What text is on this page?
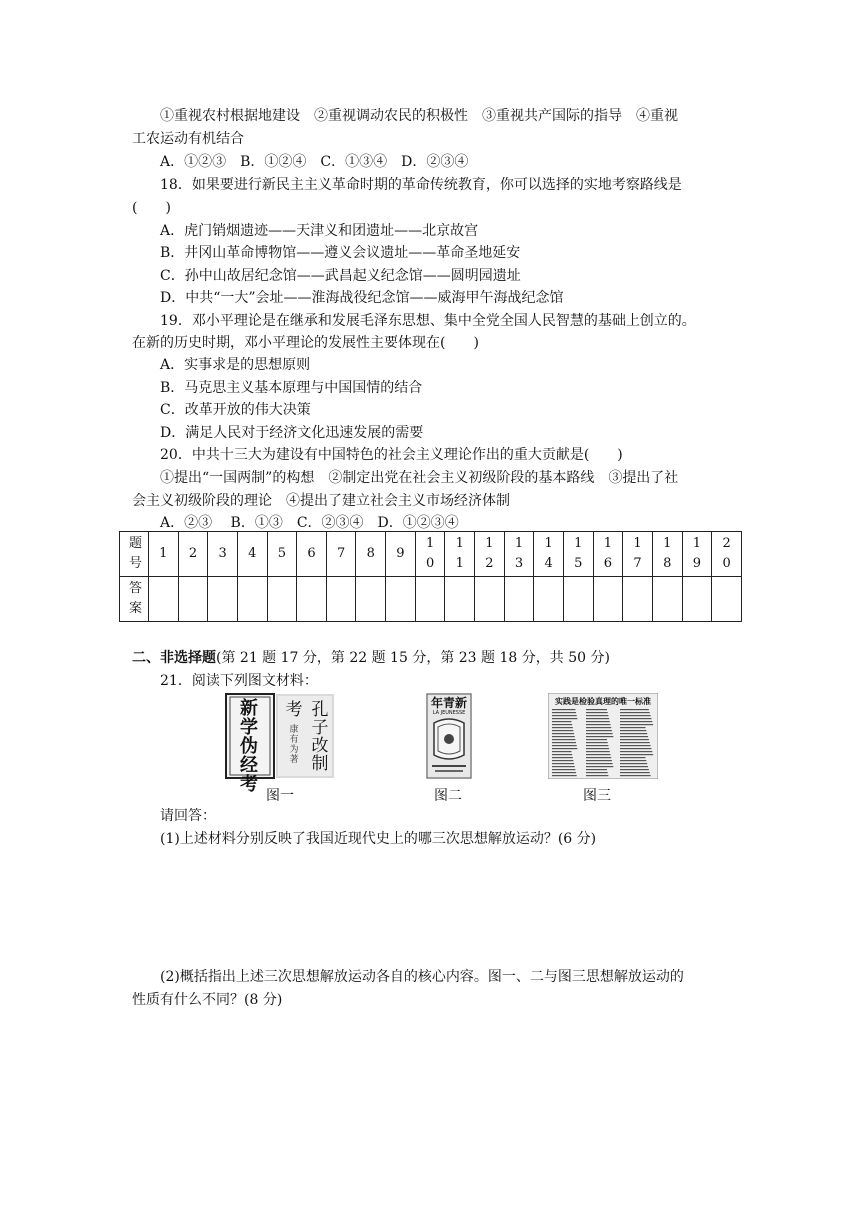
①重视农村根据地建设　②重视调动农民的积极性　③重视共产国际的指导　④重视
工农运动有机结合
A．①②③　B．①②④　C．①③④　D．②③④
18．如果要进行新民主主义革命时期的革命传统教育，你可以选择的实地考察路线是
(　　)
A．虎门销烟遗迹——天津义和团遗址——北京故宫
B．井冈山革命博物馆——遵义会议遗址——革命圣地延安
C．孙中山故居纪念馆——武昌起义纪念馆——圆明园遗址
D．中共“一大”会址——淮海战役纪念馆——威海甲午海战纪念馆
19．邓小平理论是在继承和发展毛泽东思想、集中全党全国人民智慧的基础上创立的。
在新的历史时期，邓小平理论的发展性主要体现在(　　)
A．实事求是的思想原则
B．马克思主义基本原理与中国国情的结合
C．改革开放的伟大决策
D．满足人民对于经济文化迅速发展的需要
20．中共十三大为建设有中国特色的社会主义理论作出的重大贡献是(　　)
①提出“一国两制”的构想　②制定出党在社会主义初级阶段的基本路线　③提出了社
会主义初级阶段的理论　④提出了建立社会主义市场经济体制
A．②③　 B．①③　C．②③④　D．①②③④
题号	1	2	3	4	5	6	7	8	9	10	11	12	13	14	15	16	17	18	19	20
答案																				
二、非选择题(第 21 题 17 分，第 22 题 15 分，第 23 题 18 分，共 50 分)
21．阅读下列图文材料：
新学伪经考
孔子改制
考
康有为著
年青新
LA JEUNESSE
实践是检验真理的唯一标准
图一	图二	图三
请回答：
(1)上述材料分别反映了我国近现代史上的哪三次思想解放运动？(6 分)
(2)概括指出上述三次思想解放运动各自的核心内容。图一、二与图三思想解放运动的
性质有什么不同？(8 分)
